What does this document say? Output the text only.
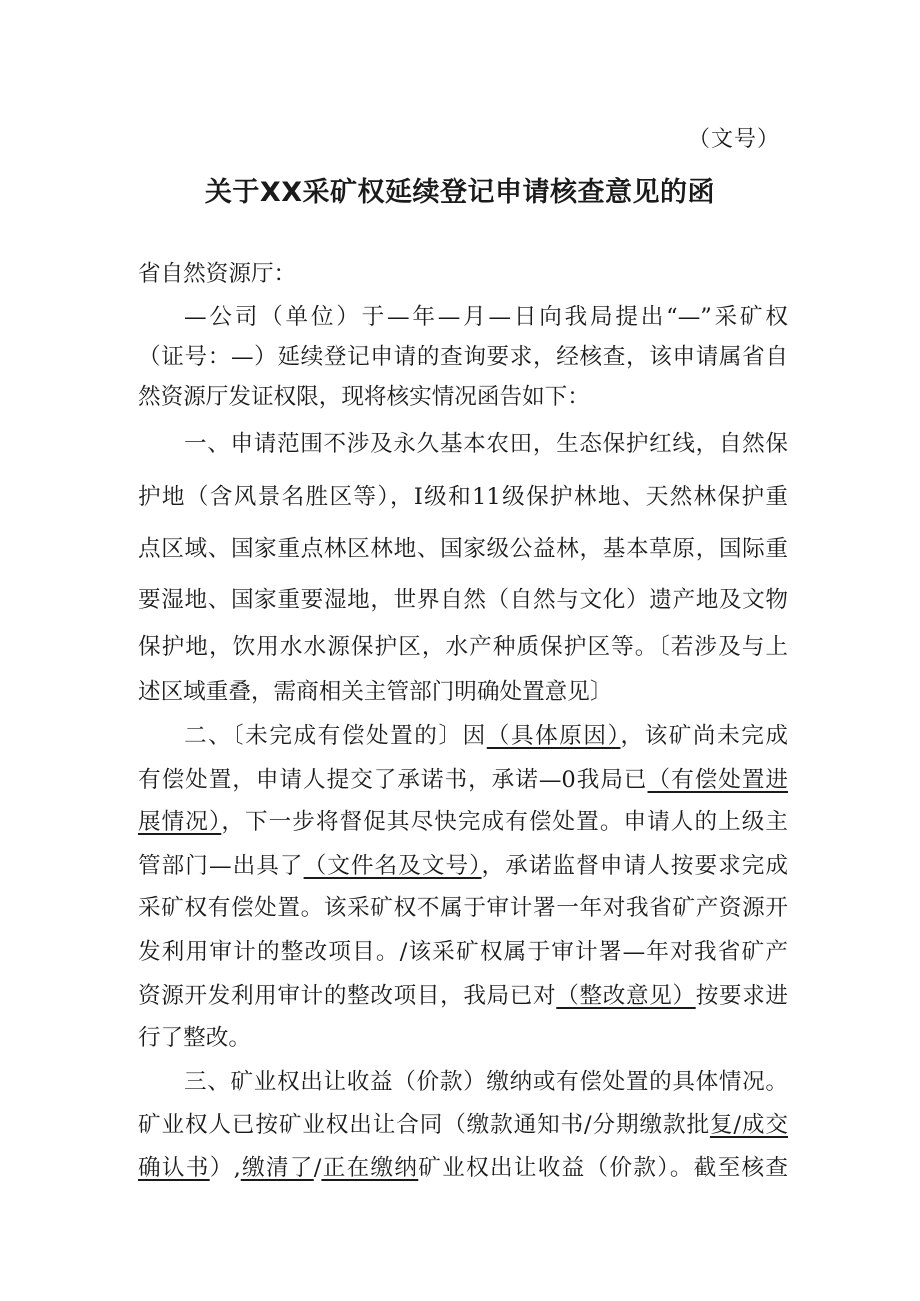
（文号）
关于XX采矿权延续登记申请核查意见的函
省自然资源厅：
—公司（单位）于—年—月—日向我局提出“—”采矿权
（证号：—）延续登记申请的查询要求，经核查，该申请属省自
然资源厅发证权限，现将核实情况函告如下：
一、申请范围不涉及永久基本农田，生态保护红线，自然保
护地（含风景名胜区等），I级和11级保护林地、天然林保护重
点区域、国家重点林区林地、国家级公益林，基本草原，国际重
要湿地、国家重要湿地，世界自然（自然与文化）遗产地及文物
保护地，饮用水水源保护区，水产种质保护区等。〔若涉及与上
述区域重叠，需商相关主管部门明确处置意见〕
二、〔未完成有偿处置的〕因（具体原因），该矿尚未完成
有偿处置，申请人提交了承诺书，承诺—0我局已（有偿处置进
展情况），下一步将督促其尽快完成有偿处置。申请人的上级主
管部门—出具了（文件名及文号），承诺监督申请人按要求完成
采矿权有偿处置。该采矿权不属于审计署一年对我省矿产资源开
发利用审计的整改项目。/该采矿权属于审计署—年对我省矿产
资源开发利用审计的整改项目，我局已对（整改意见）按要求进
行了整改。
三、矿业权出让收益（价款）缴纳或有偿处置的具体情况。
矿业权人已按矿业权出让合同（缴款通知书/分期缴款批复/成交
确认书）,缴清了/正在缴纳矿业权出让收益（价款）。截至核查
